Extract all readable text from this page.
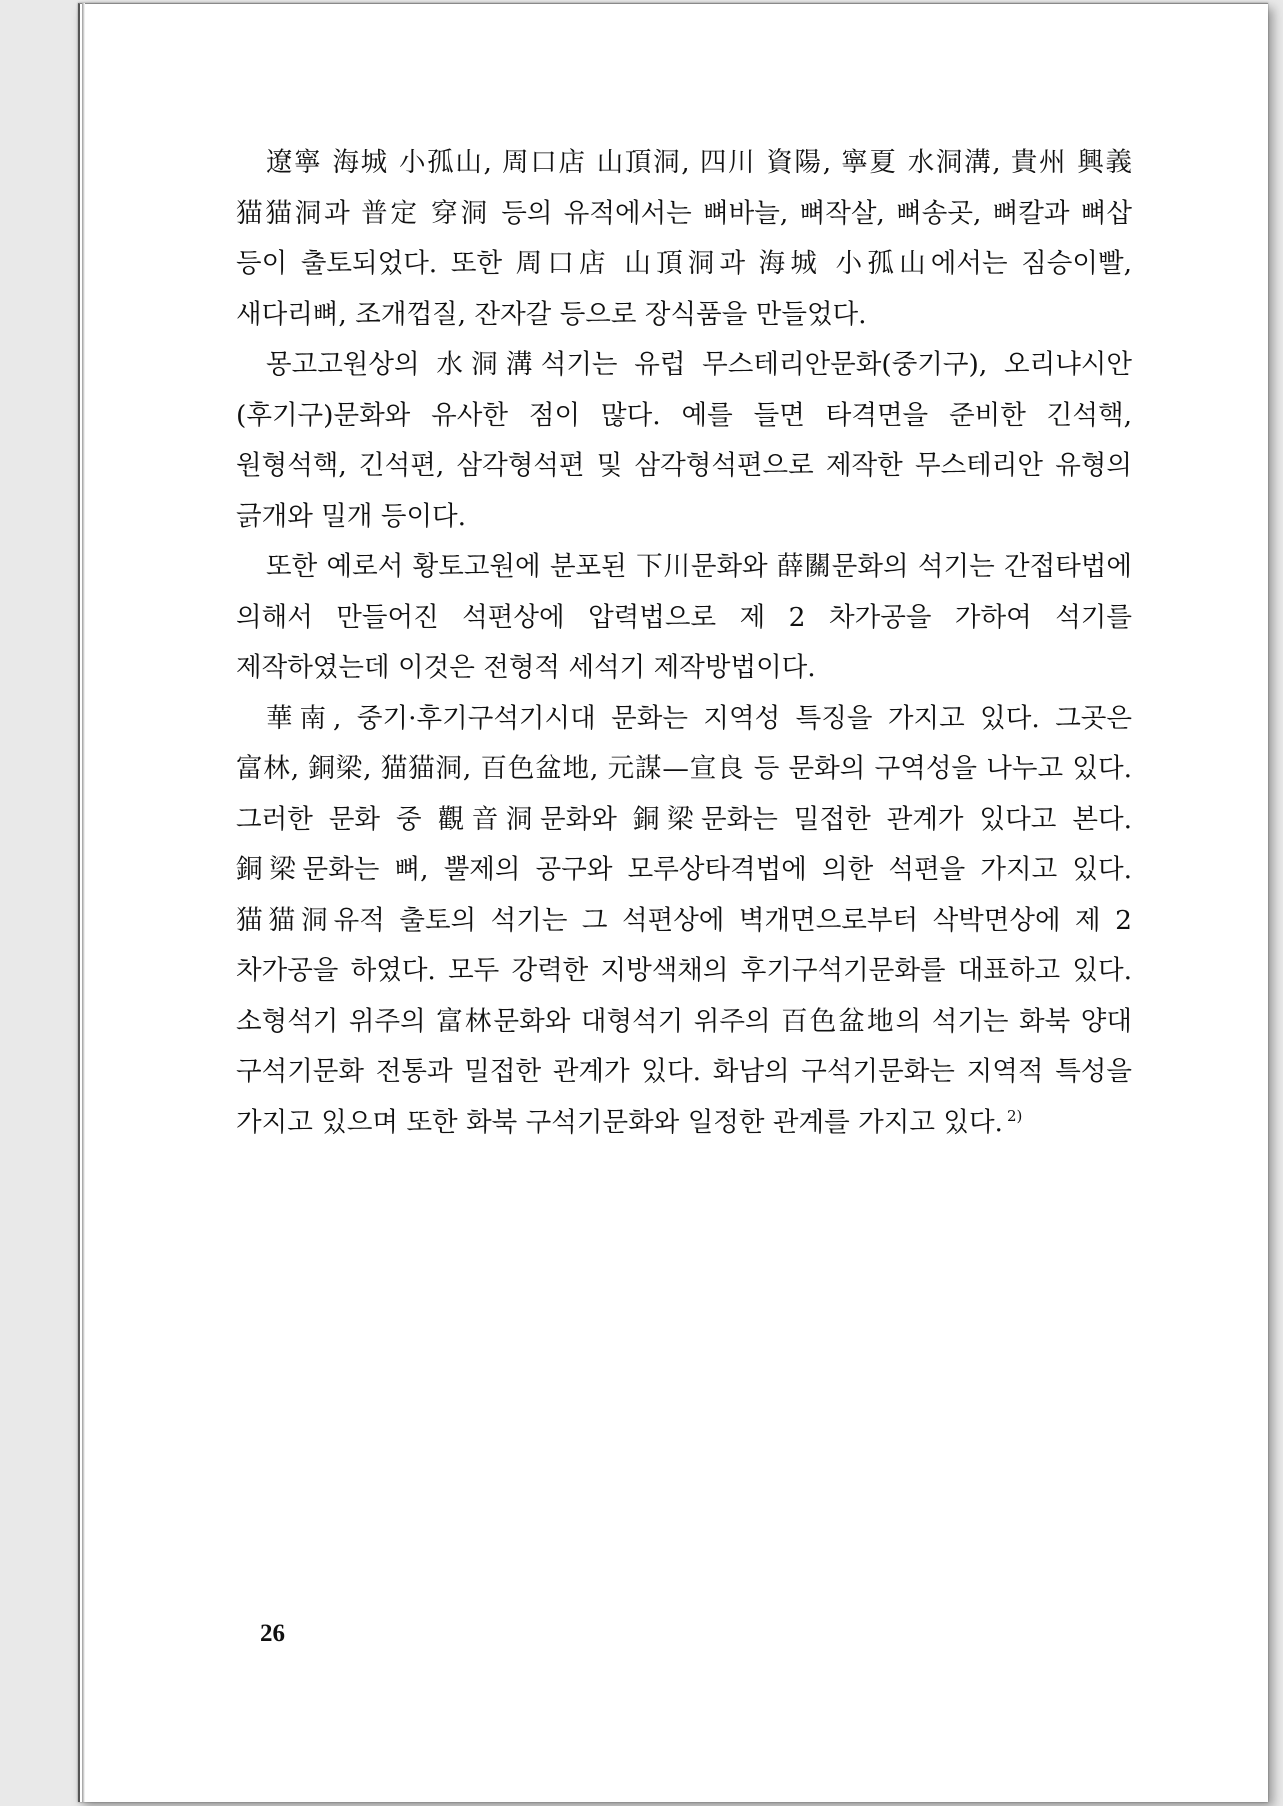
遼寧 海城 小孤山, 周口店 山頂洞, 四川 資陽, 寧夏 水洞溝, 貴州 興義 猫猫洞과 普定 穿洞 등의 유적에서는 뼈바늘, 뼈작살, 뼈송곳, 뼈칼과 뼈삽 등이 출토되었다. 또한 周口店 山頂洞과 海城 小孤山에서는 짐승이빨, 새다리뼈, 조개껍질, 잔자갈 등으로 장식품을 만들었다.

몽고고원상의 水洞溝석기는 유럽 무스테리안문화(중기구), 오리냐시안(후기구)문화와 유사한 점이 많다. 예를 들면 타격면을 준비한 긴석핵, 원형석핵, 긴석편, 삼각형석편 및 삼각형석편으로 제작한 무스테리안 유형의 긁개와 밀개 등이다.

또한 예로서 황토고원에 분포된 下川문화와 薛關문화의 석기는 간접타법에 의해서 만들어진 석편상에 압력법으로 제 2 차가공을 가하여 석기를 제작하였는데 이것은 전형적 세석기 제작방법이다.

華南, 중기·후기구석기시대 문화는 지역성 특징을 가지고 있다. 그곳은 富林, 銅梁, 猫猫洞, 百色盆地, 元謀—宣良 등 문화의 구역성을 나누고 있다. 그러한 문화 중 觀音洞문화와 銅梁문화는 밀접한 관계가 있다고 본다. 銅梁문화는 뼈, 뿔제의 공구와 모루상타격법에 의한 석편을 가지고 있다. 猫猫洞유적 출토의 석기는 그 석편상에 벽개면으로부터 삭박면상에 제 2 차가공을 하였다. 모두 강력한 지방색채의 후기구석기문화를 대표하고 있다. 소형석기 위주의 富林문화와 대형석기 위주의 百色盆地의 석기는 화북 양대 구석기문화 전통과 밀접한 관계가 있다. 화남의 구석기문화는 지역적 특성을 가지고 있으며 또한 화북 구석기문화와 일정한 관계를 가지고 있다. $^{2)}$

26
